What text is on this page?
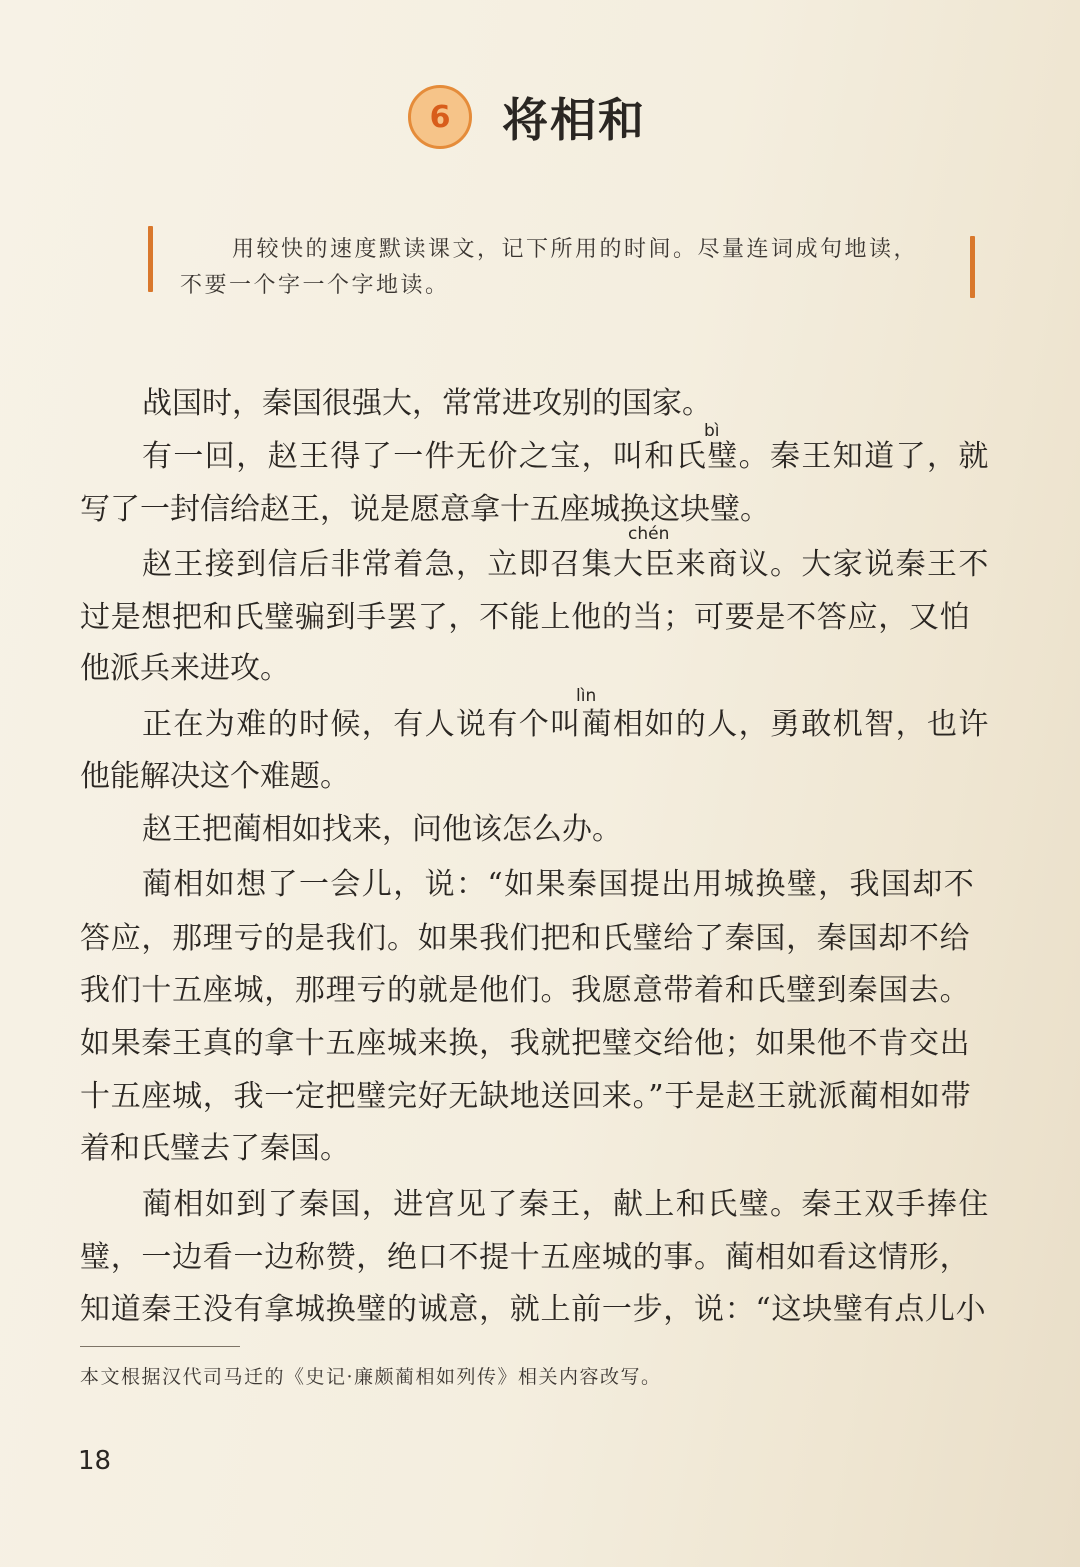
6	将相和
用较快的速度默读课文，记下所用的时间。尽量连词成句地读，
不要一个字一个字地读。
bì
chén
lìn
战国时，秦国很强大，常常进攻别的国家。
有一回，赵王得了一件无价之宝，叫和氏璧。秦王知道了，就
写了一封信给赵王，说是愿意拿十五座城换这块璧。
赵王接到信后非常着急，立即召集大臣来商议。大家说秦王不
过是想把和氏璧骗到手罢了，不能上他的当；可要是不答应，又怕
他派兵来进攻。
正在为难的时候，有人说有个叫蔺相如的人，勇敢机智，也许
他能解决这个难题。
赵王把蔺相如找来，问他该怎么办。
蔺相如想了一会儿，说：“如果秦国提出用城换璧，我国却不
答应，那理亏的是我们。如果我们把和氏璧给了秦国，秦国却不给
我们十五座城，那理亏的就是他们。我愿意带着和氏璧到秦国去。
如果秦王真的拿十五座城来换，我就把璧交给他；如果他不肯交出
十五座城，我一定把璧完好无缺地送回来。”于是赵王就派蔺相如带
着和氏璧去了秦国。
蔺相如到了秦国，进宫见了秦王，献上和氏璧。秦王双手捧住
璧，一边看一边称赞，绝口不提十五座城的事。蔺相如看这情形，
知道秦王没有拿城换璧的诚意，就上前一步，说：“这块璧有点儿小
本文根据汉代司马迁的《史记·廉颇蔺相如列传》相关内容改写。
18
